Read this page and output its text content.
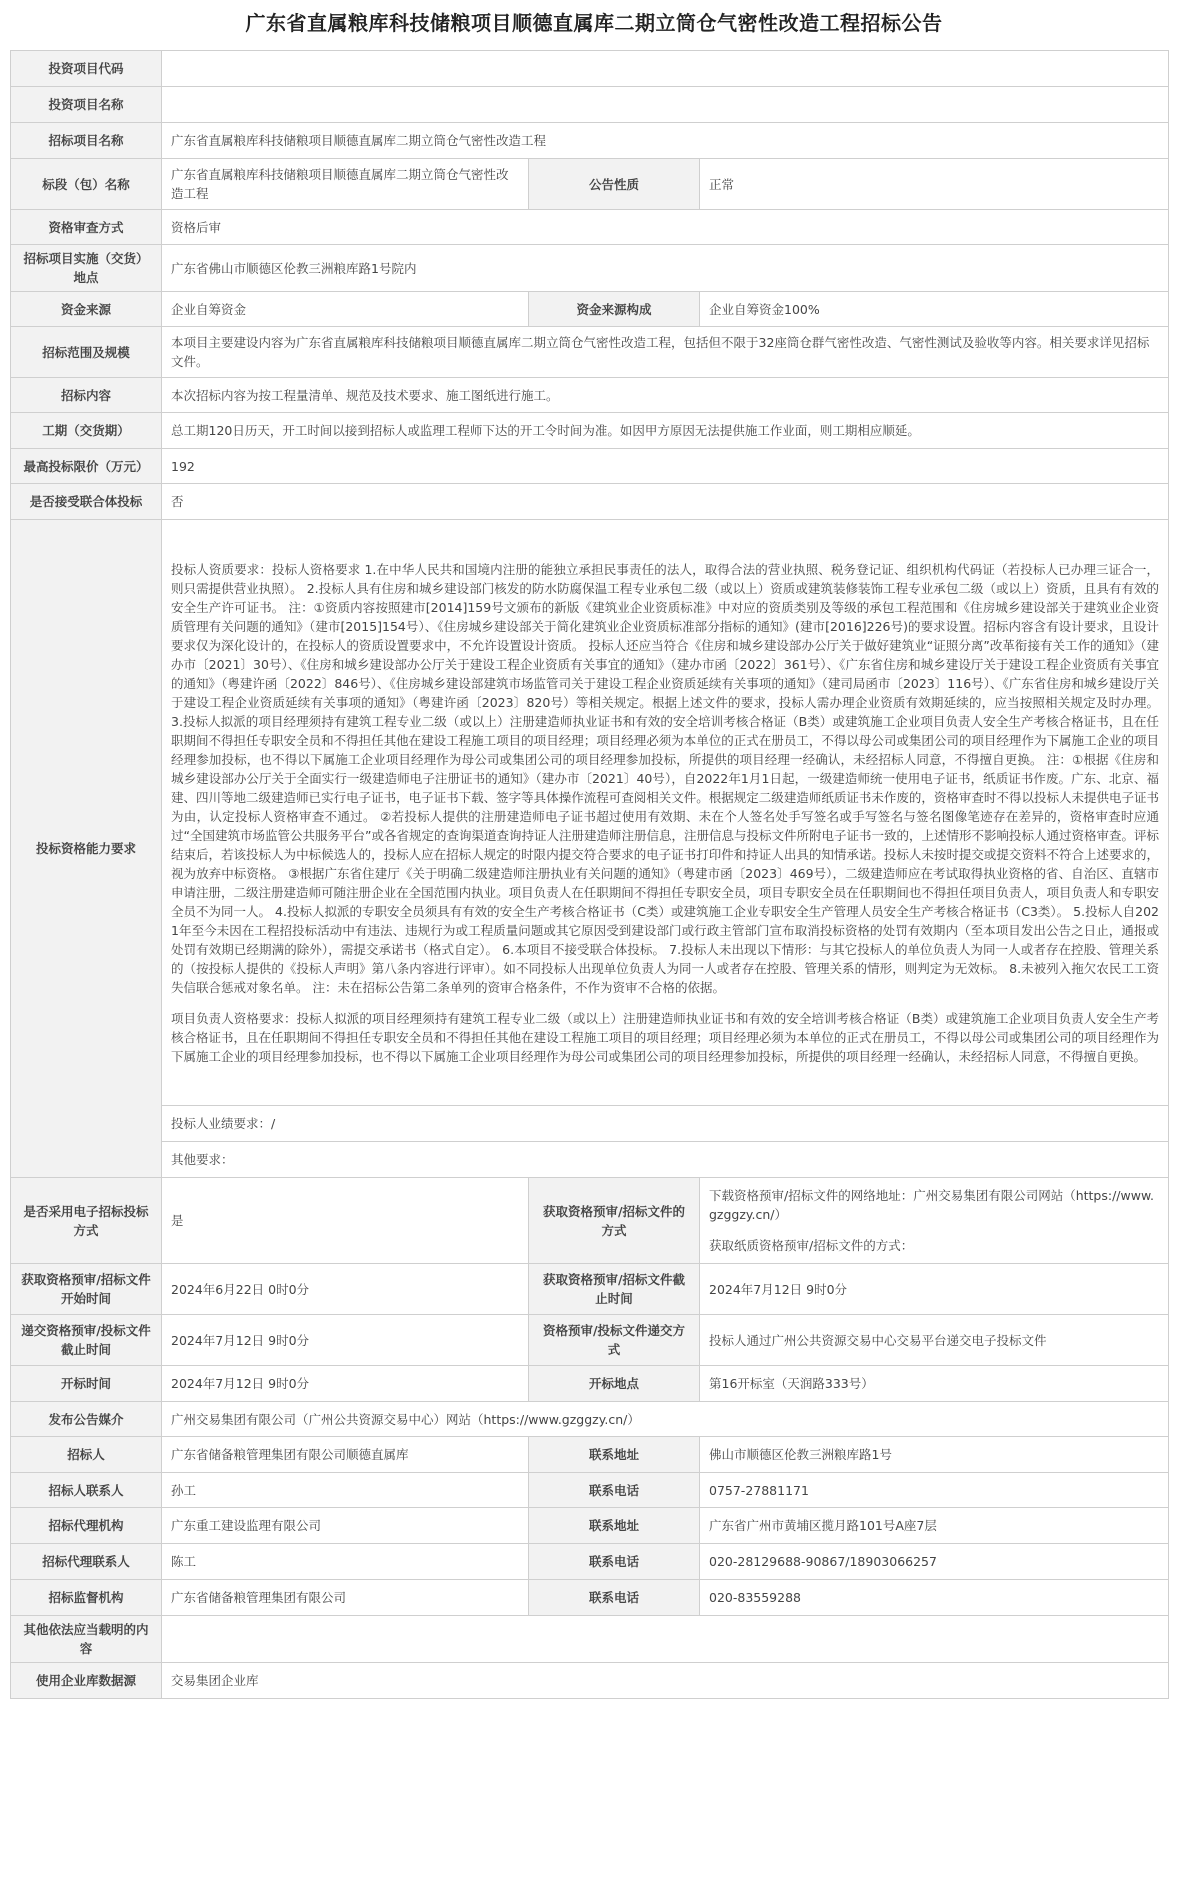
广东省直属粮库科技储粮项目顺德直属库二期立筒仓气密性改造工程招标公告
投资项目代码			
投资项目名称			
招标项目名称	广东省直属粮库科技储粮项目顺德直属库二期立筒仓气密性改造工程		
标段（包）名称	广东省直属粮库科技储粮项目顺德直属库二期立筒仓气密性改造工程	公告性质	正常
资格审查方式	资格后审		
招标项目实施（交货）地点	广东省佛山市顺德区伦教三洲粮库路1号院内		
资金来源	企业自筹资金	资金来源构成	企业自筹资金100%
招标范围及规模	本项目主要建设内容为广东省直属粮库科技储粮项目顺德直属库二期立筒仓气密性改造工程，包括但不限于32座筒仓群气密性改造、气密性测试及验收等内容。相关要求详见招标文件。		
招标内容	本次招标内容为按工程量清单、规范及技术要求、施工图纸进行施工。		
工期（交货期）	总工期120日历天，开工时间以接到招标人或监理工程师下达的开工令时间为准。如因甲方原因无法提供施工作业面，则工期相应顺延。		
最高投标限价（万元）	192		
是否接受联合体投标	否		
投标资格能力要求	投标人资质要求：投标人资格要求 1.在中华人民共和国境内注册的能独立承担民事责任的法人，取得合法的营业执照、税务登记证、组织机构代码证（若投标人已办理三证合一，则只需提供营业执照）。 2.投标人具有住房和城乡建设部门核发的防水防腐保温工程专业承包二级（或以上）资质或建筑装修装饰工程专业承包二级（或以上）资质，且具有有效的安全生产许可证书。 注：①资质内容按照建市[2014]159号文颁布的新版《建筑业企业资质标准》中对应的资质类别及等级的承包工程范围和《住房城乡建设部关于建筑业企业资质管理有关问题的通知》（建市[2015]154号）、《住房城乡建设部关于简化建筑业企业资质标准部分指标的通知》(建市[2016]226号)的要求设置。招标内容含有设计要求，且设计要求仅为深化设计的，在投标人的资质设置要求中，不允许设置设计资质。 投标人还应当符合《住房和城乡建设部办公厅关于做好建筑业“证照分离”改革衔接有关工作的通知》（建办市〔2021〕30号）、《住房和城乡建设部办公厅关于建设工程企业资质有关事宜的通知》（建办市函〔2022〕361号）、《广东省住房和城乡建设厅关于建设工程企业资质有关事宜的通知》（粤建许函〔2022〕846号）、《住房城乡建设部建筑市场监管司关于建设工程企业资质延续有关事项的通知》（建司局函市〔2023〕116号）、《广东省住房和城乡建设厅关于建设工程企业资质延续有关事项的通知》（粤建许函〔2023〕820号）等相关规定。根据上述文件的要求，投标人需办理企业资质有效期延续的，应当按照相关规定及时办理。 3.投标人拟派的项目经理须持有建筑工程专业二级（或以上）注册建造师执业证书和有效的安全培训考核合格证（B类）或建筑施工企业项目负责人安全生产考核合格证书，且在任职期间不得担任专职安全员和不得担任其他在建设工程施工项目的项目经理；项目经理必须为本单位的正式在册员工，不得以母公司或集团公司的项目经理作为下属施工企业的项目经理参加投标，也不得以下属施工企业项目经理作为母公司或集团公司的项目经理参加投标，所提供的项目经理一经确认，未经招标人同意，不得擅自更换。 注：①根据《住房和城乡建设部办公厅关于全面实行一级建造师电子注册证书的通知》（建办市〔2021〕40号），自2022年1月1日起，一级建造师统一使用电子证书，纸质证书作废。广东、北京、福建、四川等地二级建造师已实行电子证书，电子证书下载、签字等具体操作流程可查阅相关文件。根据规定二级建造师纸质证书未作废的，资格审查时不得以投标人未提供电子证书为由，认定投标人资格审查不通过。 ②若投标人提供的注册建造师电子证书超过使用有效期、未在个人签名处手写签名或手写签名与签名图像笔迹存在差异的，资格审查时应通过“全国建筑市场监管公共服务平台”或各省规定的查询渠道查询持证人注册建造师注册信息，注册信息与投标文件所附电子证书一致的，上述情形不影响投标人通过资格审查。评标结束后，若该投标人为中标候选人的，投标人应在招标人规定的时限内提交符合要求的电子证书打印件和持证人出具的知情承诺。投标人未按时提交或提交资料不符合上述要求的，视为放弃中标资格。 ③根据广东省住建厅《关于明确二级建造师注册执业有关问题的通知》（粤建市函〔2023〕469号），二级建造师应在考试取得执业资格的省、自治区、直辖市申请注册，二级注册建造师可随注册企业在全国范围内执业。项目负责人在任职期间不得担任专职安全员，项目专职安全员在任职期间也不得担任项目负责人，项目负责人和专职安全员不为同一人。 4.投标人拟派的专职安全员须具有有效的安全生产考核合格证书（C类）或建筑施工企业专职安全生产管理人员安全生产考核合格证书（C3类）。 5.投标人自2021年至今未因在工程招投标活动中有违法、违规行为或工程质量问题或其它原因受到建设部门或行政主管部门宣布取消投标资格的处罚有效期内（至本项目发出公告之日止，通报或处罚有效期已经期满的除外），需提交承诺书（格式自定）。 6.本项目不接受联合体投标。 7.投标人未出现以下情形：与其它投标人的单位负责人为同一人或者存在控股、管理关系的（按投标人提供的《投标人声明》第八条内容进行评审）。如不同投标人出现单位负责人为同一人或者存在控股、管理关系的情形，则判定为无效标。 8.未被列入拖欠农民工工资失信联合惩戒对象名单。 注：未在招标公告第二条单列的资审合格条件，不作为资审不合格的依据。

项目负责人资格要求：投标人拟派的项目经理须持有建筑工程专业二级（或以上）注册建造师执业证书和有效的安全培训考核合格证（B类）或建筑施工企业项目负责人安全生产考核合格证书，且在任职期间不得担任专职安全员和不得担任其他在建设工程施工项目的项目经理；项目经理必须为本单位的正式在册员工，不得以母公司或集团公司的项目经理作为下属施工企业的项目经理参加投标，也不得以下属施工企业项目经理作为母公司或集团公司的项目经理参加投标，所提供的项目经理一经确认，未经招标人同意，不得擅自更换。		

	投标人业绩要求：/		
	其他要求：		
是否采用电子招标投标方式	是	获取资格预审/招标文件的方式	下载资格预审/招标文件的网络地址：广州交易集团有限公司网站（https://www.gzggzy.cn/）
获取纸质资格预审/招标文件的方式：

获取资格预审/招标文件开始时间	2024年6月22日 0时0分	获取资格预审/招标文件截止时间	2024年7月12日 9时0分
递交资格预审/投标文件截止时间	2024年7月12日 9时0分	资格预审/投标文件递交方式	投标人通过广州公共资源交易中心交易平台递交电子投标文件
开标时间	2024年7月12日 9时0分	开标地点	第16开标室（天润路333号）
发布公告媒介	广州交易集团有限公司（广州公共资源交易中心）网站（https://www.gzggzy.cn/）		
招标人	广东省储备粮管理集团有限公司顺德直属库	联系地址	佛山市顺德区伦教三洲粮库路1号
招标人联系人	孙工	联系电话	0757-27881171
招标代理机构	广东重工建设监理有限公司	联系地址	广东省广州市黄埔区揽月路101号A座7层
招标代理联系人	陈工	联系电话	020-28129688-90867/18903066257
招标监督机构	广东省储备粮管理集团有限公司	联系电话	020-83559288
其他依法应当载明的内容			
使用企业库数据源	交易集团企业库		
